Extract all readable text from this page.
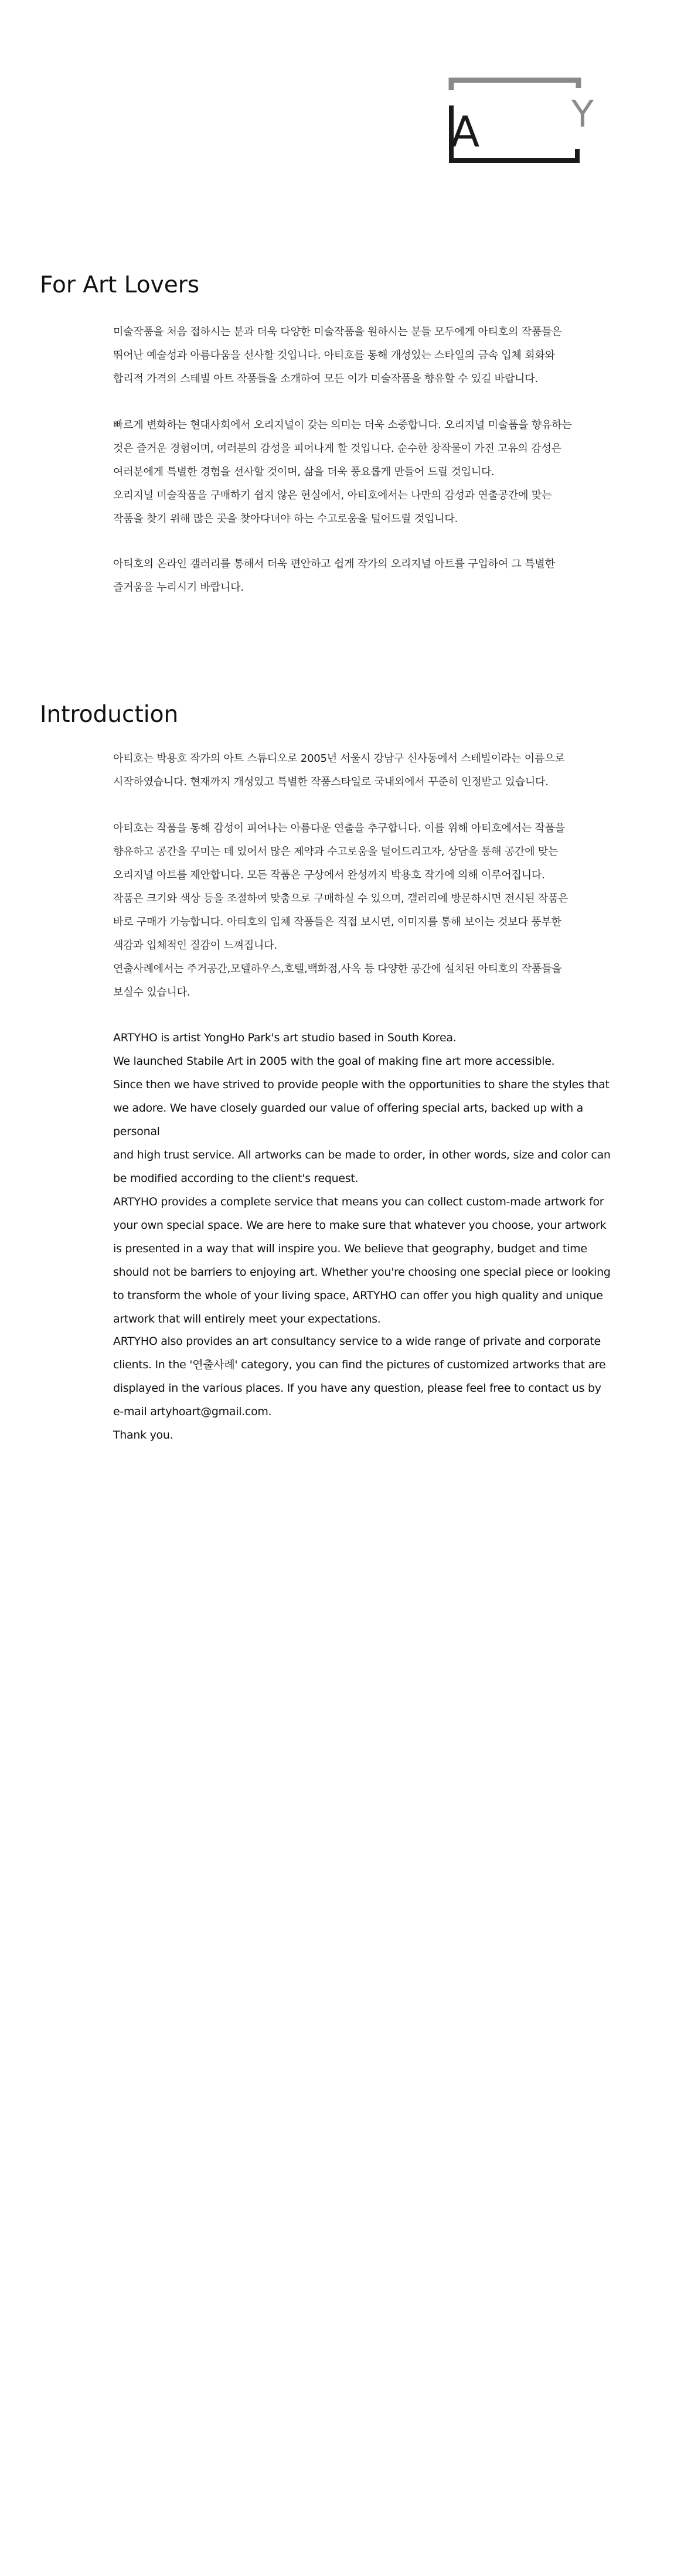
A	Y
For Art Lovers

미술작품을 처음 접하시는 분과 더욱 다양한 미술작품을 원하시는 분들 모두에게 아티호의 작품들은

뛰어난 예술성과 아름다움을 선사할 것입니다. 아티호를 통해 개성있는 스타일의 금속 입체 회화와

합리적 가격의 스테빌 아트 작품들을 소개하여 모든 이가 미술작품을 향유할 수 있길 바랍니다.

빠르게 변화하는 현대사회에서 오리지널이 갖는 의미는 더욱 소중합니다. 오리지널 미술품을 향유하는

것은 즐거운 경험이며, 여러분의 감성을 피어나게 할 것입니다. 순수한 창작물이 가진 고유의 감성은

여러분에게 특별한 경험을 선사할 것이며, 삶을 더욱 풍요롭게 만들어 드릴 것입니다.

오리지널 미술작품을 구매하기 쉽지 않은 현실에서, 아티호에서는 나만의 감성과 연출공간에 맞는

작품을 찾기 위해 많은 곳을 찾아다녀야 하는 수고로움을 덜어드릴 것입니다.

아티호의 온라인 갤러리를 통해서 더욱 편안하고 쉽게 작가의 오리지널 아트를 구입하여 그 특별한

즐거움을 누리시기 바랍니다.

Introduction

아티호는 박용호 작가의 아트 스튜디오로 2005년 서울시 강남구 신사동에서 스테빌이라는 이름으로

시작하였습니다. 현재까지 개성있고 특별한 작품스타일로 국내외에서 꾸준히 인정받고 있습니다.

아티호는 작품을 통해 감성이 피어나는 아름다운 연출을 추구합니다. 이를 위해 아티호에서는 작품을

향유하고 공간을 꾸미는 데 있어서 많은 제약과 수고로움을 덜어드리고자, 상담을 통해 공간에 맞는

오리지널 아트를 제안합니다. 모든 작품은 구상에서 완성까지 박용호 작가에 의해 이루어집니다.

작품은 크기와 색상 등을 조절하여 맞춤으로 구매하실 수 있으며, 갤러리에 방문하시면 전시된 작품은

바로 구매가 가능합니다. 아티호의 입체 작품들은 직접 보시면, 이미지를 통해 보이는 것보다 풍부한

색감과 입체적인 질감이 느껴집니다.

연출사례에서는 주거공간,모델하우스,호텔,백화점,사옥 등 다양한 공간에 설치된 아티호의 작품들을

보실수 있습니다.

ARTYHO is artist YongHo Park's art studio based in South Korea.

We launched Stabile Art in 2005 with the goal of making fine art more accessible.

Since then we have strived to provide people with the opportunities to share the styles that

we adore. We have closely guarded our value of offering special arts, backed up with a personal

and high trust service. All artworks can be made to order, in other words, size and color can

be modified according to the client's request.

ARTYHO provides a complete service that means you can collect custom-made artwork for

your own special space. We are here to make sure that whatever you choose, your artwork

is presented in a way that will inspire you. We believe that geography, budget and time

should not be barriers to enjoying art. Whether you're choosing one special piece or looking

to transform the whole of your living space, ARTYHO can offer you high quality and unique

artwork that will entirely meet your expectations.

ARTYHO also provides an art consultancy service to a wide range of private and corporate

clients. In the '연출사례' category, you can find the pictures of customized artworks that are

displayed in the various places. If you have any question, please feel free to contact us by

e-mail artyhoart@gmail.com.

Thank you.
